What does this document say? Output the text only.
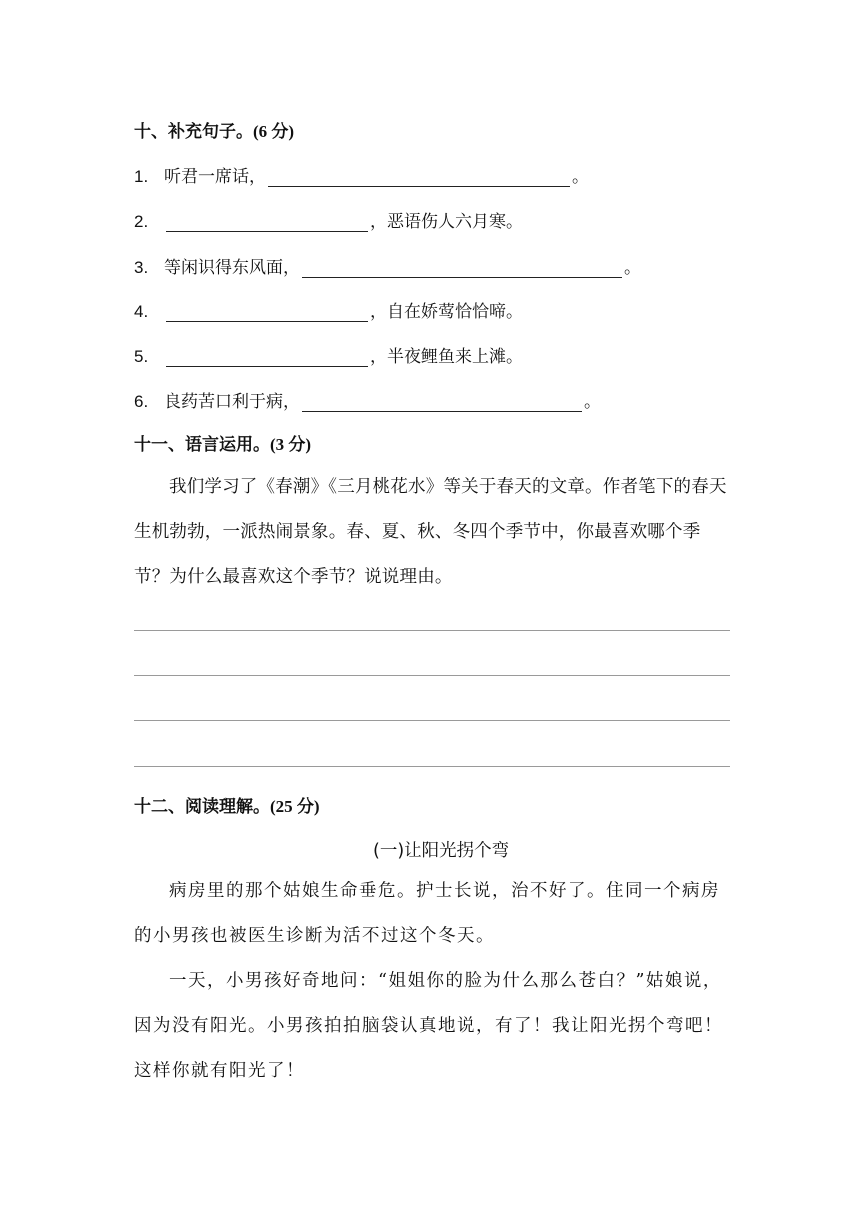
十、补充句子。(6 分)
1. 听君一席话，	。
2.	，恶语伤人六月寒。
3. 等闲识得东风面，	。
4.	，自在娇莺恰恰啼。
5.	，半夜鲤鱼来上滩。
6. 良药苦口利于病，	。
十一、语言运用。(3 分)
我们学习了《春潮》《三月桃花水》等关于春天的文章。作者笔下的春天生机勃勃，一派热闹景象。春、夏、秋、冬四个季节中，你最喜欢哪个季节？为什么最喜欢这个季节？说说理由。
十二、阅读理解。(25 分)
(一)让阳光拐个弯
病房里的那个姑娘生命垂危。护士长说，治不好了。住同一个病房的小男孩也被医生诊断为活不过这个冬天。
一天，小男孩好奇地问：“姐姐你的脸为什么那么苍白？”姑娘说，因为没有阳光。小男孩拍拍脑袋认真地说，有了！我让阳光拐个弯吧！这样你就有阳光了！
